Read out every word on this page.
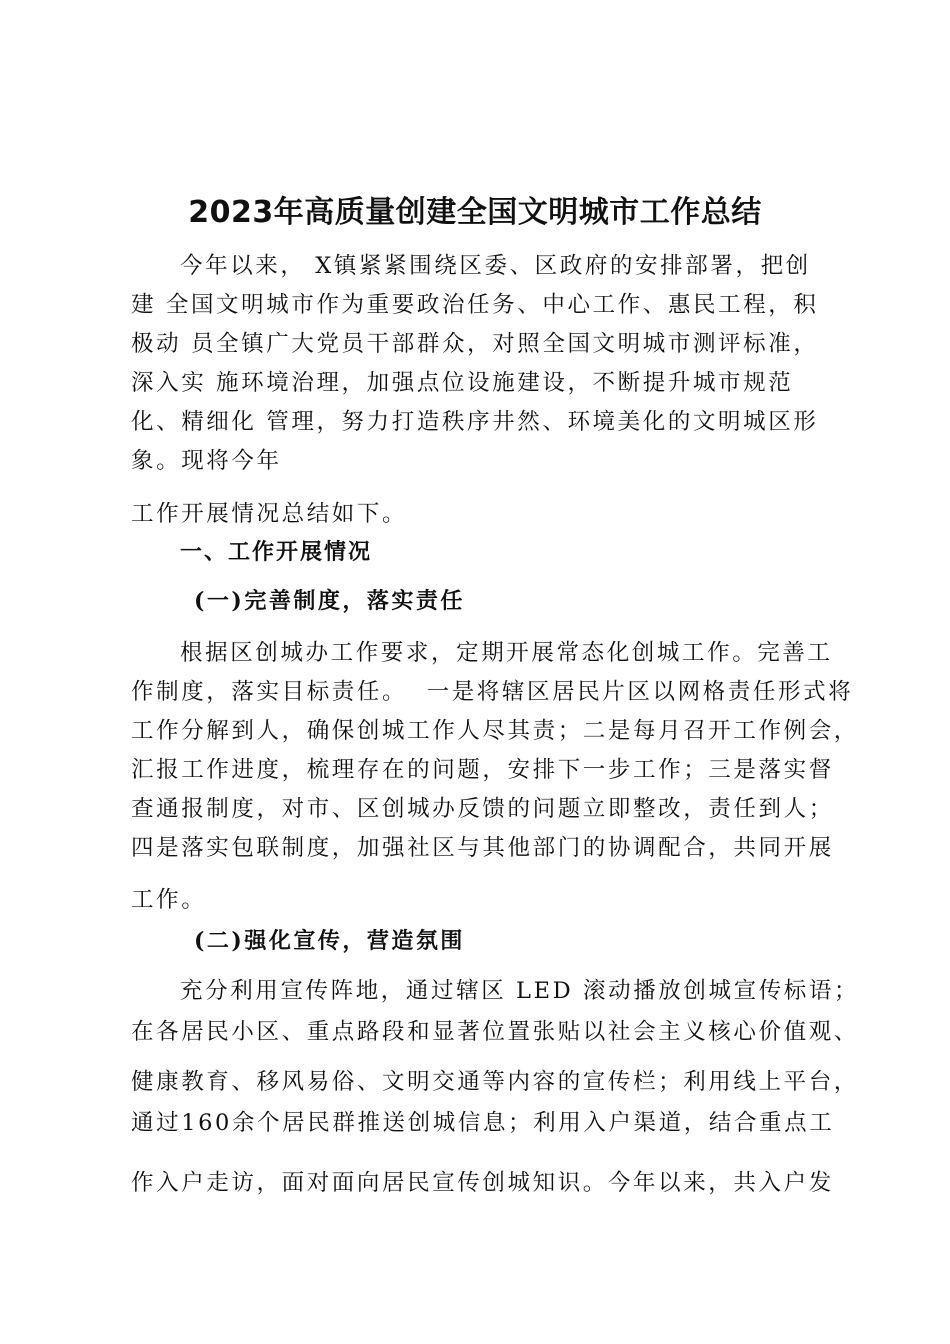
2023年高质量创建全国文明城市工作总结
今年以来， X镇紧紧围绕区委、区政府的安排部署，把创
建 全国文明城市作为重要政治任务、中心工作、惠民工程，积
极动 员全镇广大党员干部群众，对照全国文明城市测评标准，
深入实 施环境治理，加强点位设施建设，不断提升城市规范
化、精细化 管理，努力打造秩序井然、环境美化的文明城区形
象。现将今年
工作开展情况总结如下。
一、工作开展情况
(一)完善制度，落实责任
根据区创城办工作要求，定期开展常态化创城工作。完善工
作制度，落实目标责任。  一是将辖区居民片区以网格责任形式将
工作分解到人，确保创城工作人尽其责；二是每月召开工作例会，
汇报工作进度，梳理存在的问题，安排下一步工作；三是落实督
查通报制度，对市、区创城办反馈的问题立即整改，责任到人；
四是落实包联制度，加强社区与其他部门的协调配合，共同开展
工作。
(二)强化宣传，营造氛围
充分利用宣传阵地，通过辖区 LED 滚动播放创城宣传标语；
在各居民小区、重点路段和显著位置张贴以社会主义核心价值观、
健康教育、移风易俗、文明交通等内容的宣传栏；利用线上平台，
通过160余个居民群推送创城信息；利用入户渠道，结合重点工
作入户走访，面对面向居民宣传创城知识。今年以来，共入户发
